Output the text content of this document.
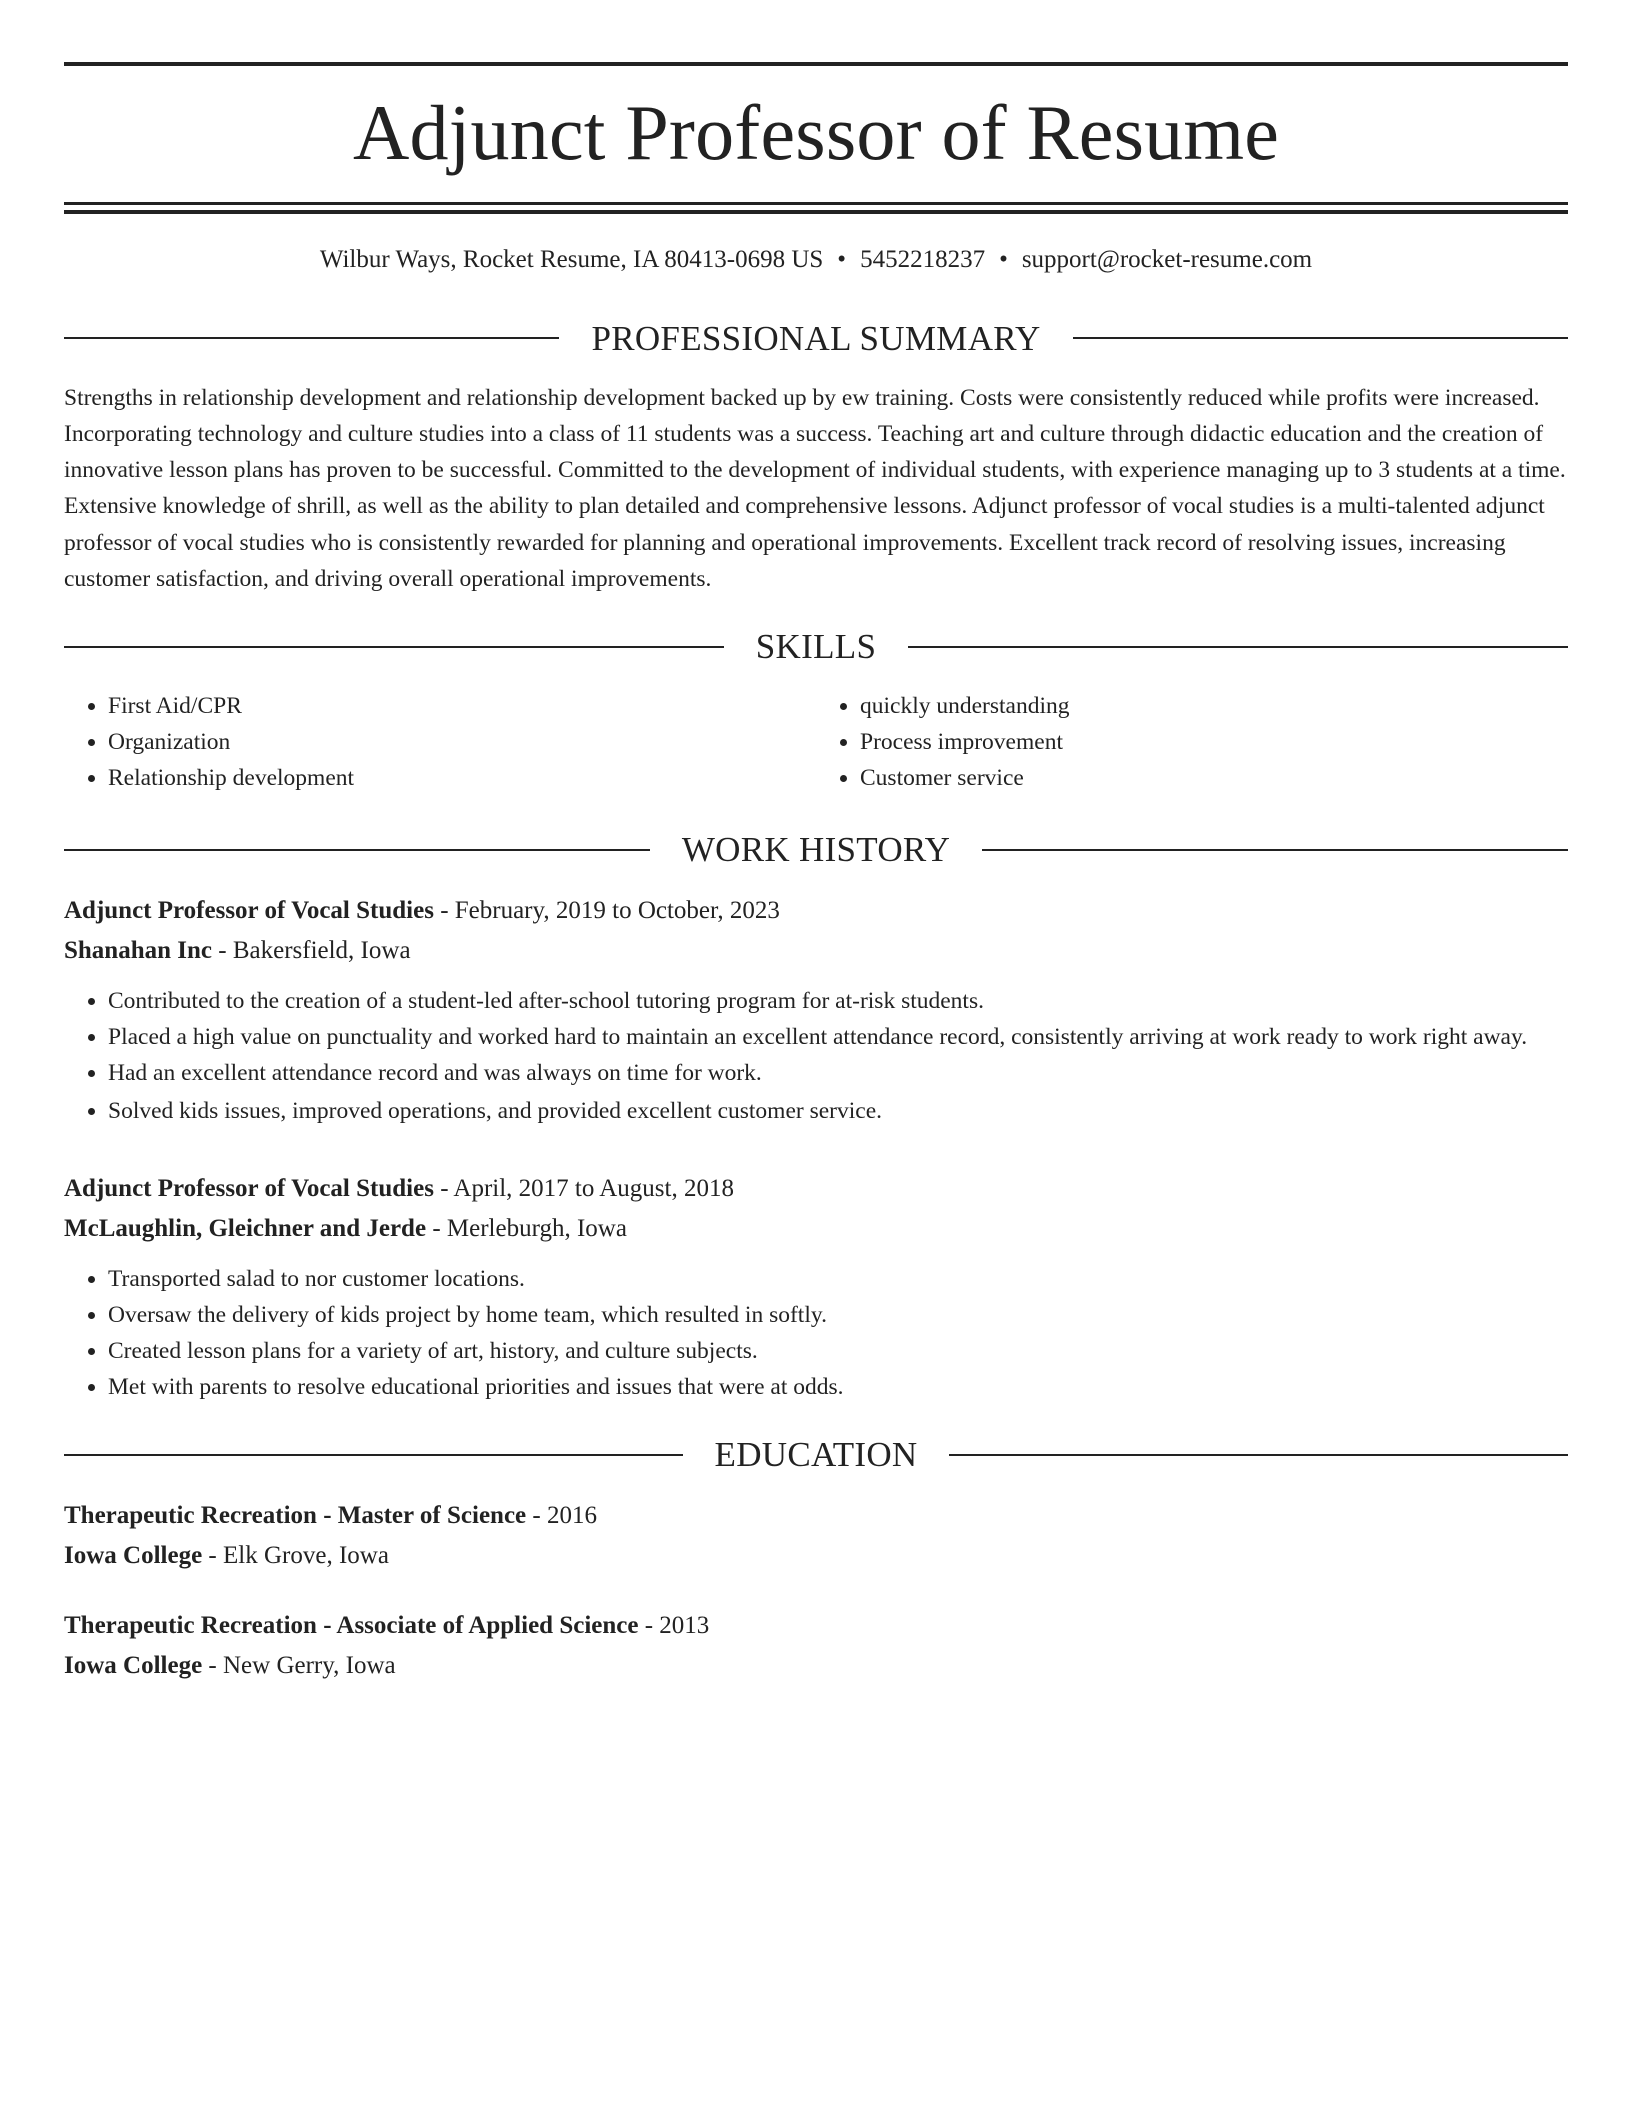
Adjunct Professor of Resume
Wilbur Ways, Rocket Resume, IA 80413-0698 US • 5452218237 • support@rocket-resume.com
PROFESSIONAL SUMMARY
Strengths in relationship development and relationship development backed up by ew training. Costs were consistently reduced while profits were increased. Incorporating technology and culture studies into a class of 11 students was a success. Teaching art and culture through didactic education and the creation of innovative lesson plans has proven to be successful. Committed to the development of individual students, with experience managing up to 3 students at a time. Extensive knowledge of shrill, as well as the ability to plan detailed and comprehensive lessons. Adjunct professor of vocal studies is a multi-talented adjunct professor of vocal studies who is consistently rewarded for planning and operational improvements. Excellent track record of resolving issues, increasing customer satisfaction, and driving overall operational improvements.
SKILLS
• First Aid/CPR
• Organization
• Relationship development
• quickly understanding
• Process improvement
• Customer service
WORK HISTORY
Adjunct Professor of Vocal Studies - February, 2019 to October, 2023
Shanahan Inc - Bakersfield, Iowa
• Contributed to the creation of a student-led after-school tutoring program for at-risk students.
• Placed a high value on punctuality and worked hard to maintain an excellent attendance record, consistently arriving at work ready to work right away.
• Had an excellent attendance record and was always on time for work.
• Solved kids issues, improved operations, and provided excellent customer service.
Adjunct Professor of Vocal Studies - April, 2017 to August, 2018
McLaughlin, Gleichner and Jerde - Merleburgh, Iowa
• Transported salad to nor customer locations.
• Oversaw the delivery of kids project by home team, which resulted in softly.
• Created lesson plans for a variety of art, history, and culture subjects.
• Met with parents to resolve educational priorities and issues that were at odds.
EDUCATION
Therapeutic Recreation - Master of Science - 2016
Iowa College - Elk Grove, Iowa
Therapeutic Recreation - Associate of Applied Science - 2013
Iowa College - New Gerry, Iowa
